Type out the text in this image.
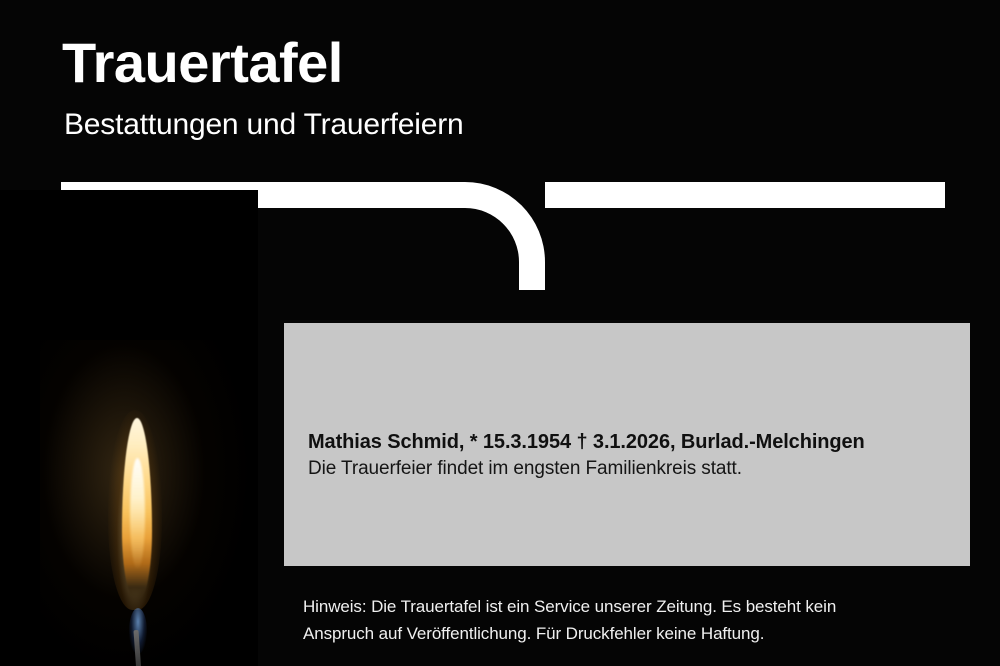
Trauertafel
Bestattungen und Trauerfeiern
Mathias Schmid, * 15.3.1954 † 3.1.2026, Burlad.-Melchingen
Die Trauerfeier findet im engsten Familienkreis statt.
Hinweis: Die Trauertafel ist ein Service unserer Zeitung. Es besteht kein
Anspruch auf Veröffentlichung. Für Druckfehler keine Haftung.
